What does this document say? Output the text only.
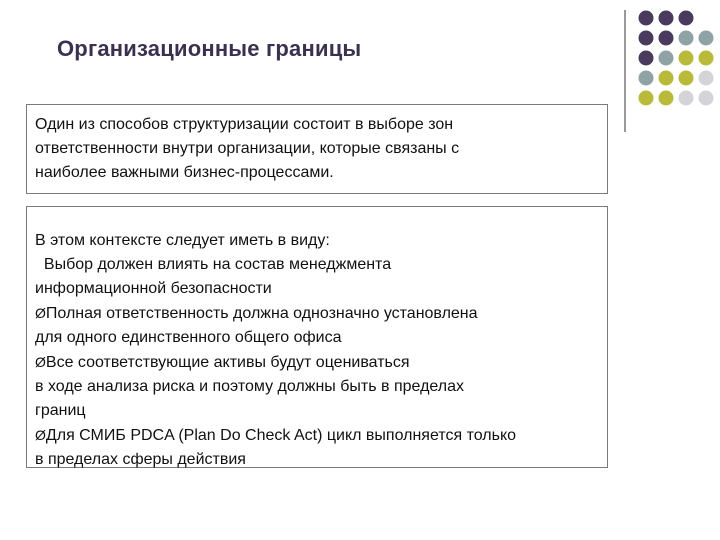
Организационные границы
Один из способов структуризации состоит в выборе зон
ответственности внутри организации, которые связаны с
наиболее важными бизнес-процессами.
В этом контексте следует иметь в виду:
Выбор должен влиять на состав менеджмента
информационной безопасности
ØПолная ответственность должна однозначно установлена
для одного единственного общего офиса
ØВсе соответствующие активы будут оцениваться
в ходе анализа риска и поэтому должны быть в пределах
границ
ØДля СМИБ PDCA (Plan Do Check Act) цикл выполняется только
в пределах сферы действия
